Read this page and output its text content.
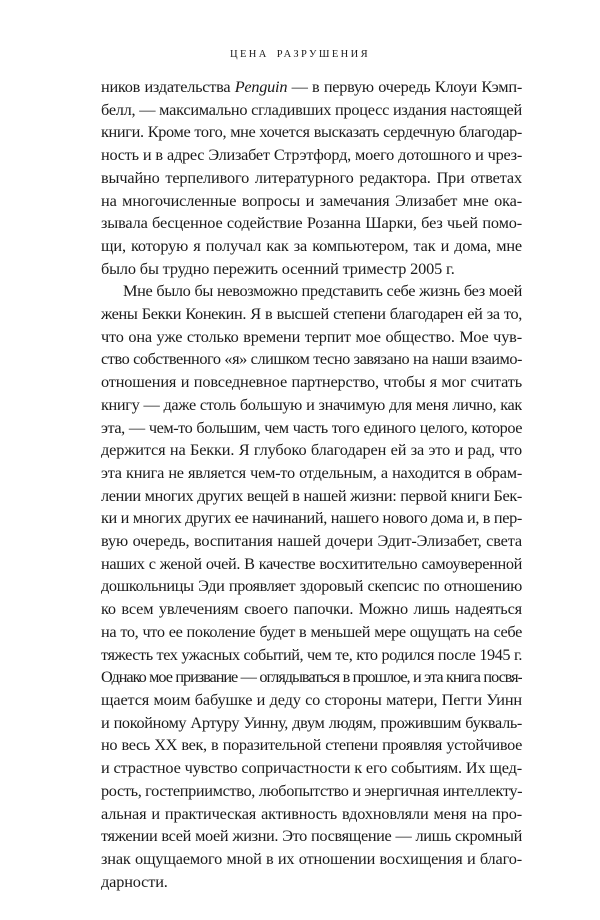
ЦЕНА РАЗРУШЕНИЯ
ников издательства Penguin — в первую очередь Клоуи Кэмп-
белл, — максимально сгладивших процесс издания настоящей
книги. Кроме того, мне хочется высказать сердечную благодар-
ность и в адрес Элизабет Стрэтфорд, моего дотошного и чрез-
вычайно терпеливого литературного редактора. При ответах
на многочисленные вопросы и замечания Элизабет мне ока-
зывала бесценное содействие Розанна Шарки, без чьей помо-
щи, которую я получал как за компьютером, так и дома, мне
было бы трудно пережить осенний триместр 2005 г.
Мне было бы невозможно представить себе жизнь без моей
жены Бекки Конекин. Я в высшей степени благодарен ей за то,
что она уже столько времени терпит мое общество. Мое чув-
ство собственного «я» слишком тесно завязано на наши взаимо-
отношения и повседневное партнерство, чтобы я мог считать
книгу — даже столь большую и значимую для меня лично, как
эта, — чем-то большим, чем часть того единого целого, которое
держится на Бекки. Я глубоко благодарен ей за это и рад, что
эта книга не является чем-то отдельным, а находится в обрам-
лении многих других вещей в нашей жизни: первой книги Бек-
ки и многих других ее начинаний, нашего нового дома и, в пер-
вую очередь, воспитания нашей дочери Эдит-Элизабет, света
наших с женой очей. В качестве восхитительно самоуверенной
дошкольницы Эди проявляет здоровый скепсис по отношению
ко всем увлечениям своего папочки. Можно лишь надеяться
на то, что ее поколение будет в меньшей мере ощущать на себе
тяжесть тех ужасных событий, чем те, кто родился после 1945 г.
Однако мое призвание — оглядываться в прошлое, и эта книга посвя-
щается моим бабушке и деду со стороны матери, Пегги Уинн
и покойному Артуру Уинну, двум людям, прожившим букваль-
но весь XX век, в поразительной степени проявляя устойчивое
и страстное чувство сопричастности к его событиям. Их щед-
рость, гостеприимство, любопытство и энергичная интеллекту-
альная и практическая активность вдохновляли меня на про-
тяжении всей моей жизни. Это посвящение — лишь скромный
знак ощущаемого мной в их отношении восхищения и благо-
дарности.
